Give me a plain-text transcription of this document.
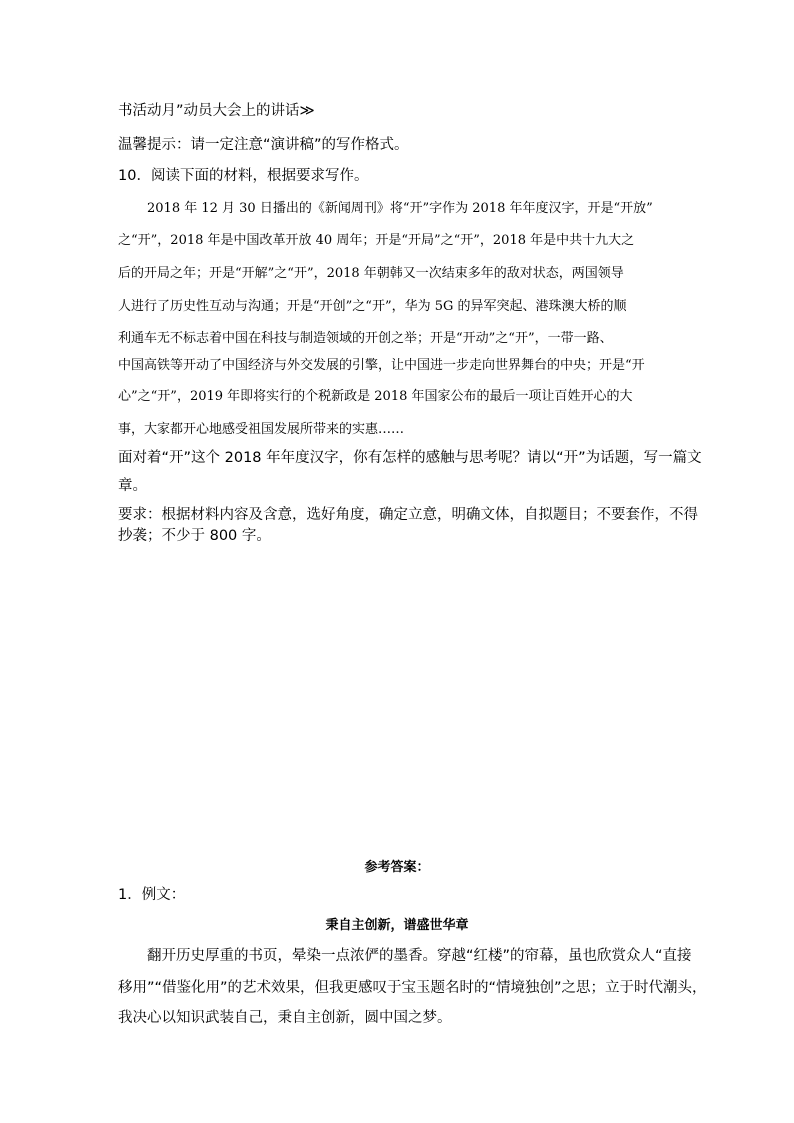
书活动月”动员大会上的讲话≫
温馨提示：请一定注意“演讲稿”的写作格式。
10．阅读下面的材料，根据要求写作。
2018 年 12 月 30 日播出的《新闻周刊》将“开”字作为 2018 年年度汉字，开是“开放”
之“开”，2018 年是中国改革开放 40 周年；开是“开局”之“开”，2018 年是中共十九大之
后的开局之年；开是“开解”之“开”，2018 年朝韩又一次结束多年的敌对状态，两国领导
人进行了历史性互动与沟通；开是“开创”之“开”，华为 5G 的异军突起、港珠澳大桥的顺
利通车无不标志着中国在科技与制造领域的开创之举；开是“开动”之“开”，一带一路、
中国高铁等开动了中国经济与外交发展的引擎，让中国进一步走向世界舞台的中央；开是“开
心”之“开”，2019 年即将实行的个税新政是 2018 年国家公布的最后一项让百姓开心的大
事，大家都开心地感受祖国发展所带来的实惠……
面对着“开”这个 2018 年年度汉字，你有怎样的感触与思考呢？请以“开”为话题，写一篇文
章。
要求：根据材料内容及含意，选好角度，确定立意，明确文体，自拟题目；不要套作，不得
抄袭；不少于 800 字。
参考答案：
1．例文：
秉自主创新，谱盛世华章
翻开历史厚重的书页，晕染一点浓俨的墨香。穿越“红楼”的帘幕，虽也欣赏众人“直接
移用”“借鉴化用”的艺术效果，但我更感叹于宝玉题名时的“情境独创”之思；立于时代潮头，
我决心以知识武装自己，秉自主创新，圆中国之梦。
